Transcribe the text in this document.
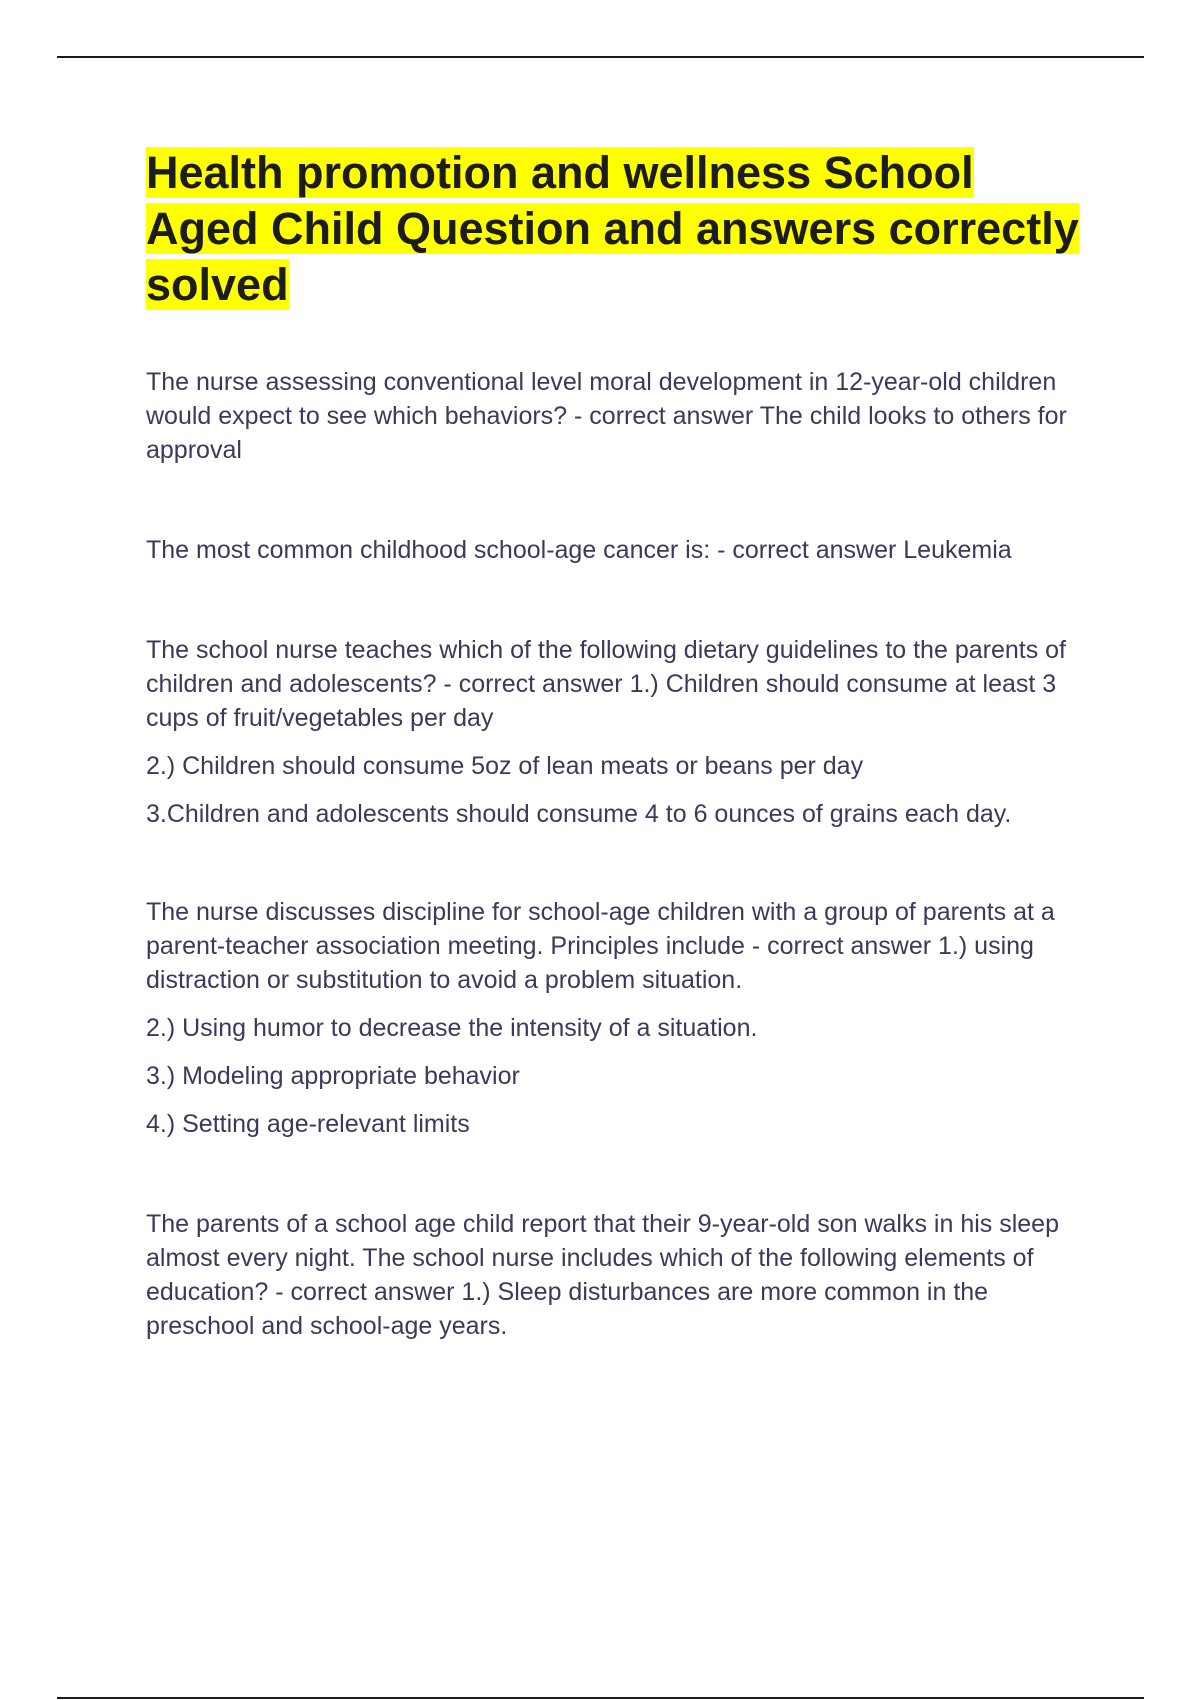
Health promotion and wellness School Aged Child Question and answers correctly solved

The nurse assessing conventional level moral development in 12-year-old children would expect to see which behaviors? - correct answer The child looks to others for approval

The most common childhood school-age cancer is: - correct answer Leukemia

The school nurse teaches which of the following dietary guidelines to the parents of children and adolescents? - correct answer 1.) Children should consume at least 3 cups of fruit/vegetables per day

2.) Children should consume 5oz of lean meats or beans per day

3.Children and adolescents should consume 4 to 6 ounces of grains each day.

The nurse discusses discipline for school-age children with a group of parents at a parent-teacher association meeting. Principles include - correct answer 1.) using distraction or substitution to avoid a problem situation.

2.) Using humor to decrease the intensity of a situation.

3.) Modeling appropriate behavior

4.) Setting age-relevant limits

The parents of a school age child report that their 9-year-old son walks in his sleep almost every night. The school nurse includes which of the following elements of education? - correct answer 1.) Sleep disturbances are more common in the preschool and school-age years.
